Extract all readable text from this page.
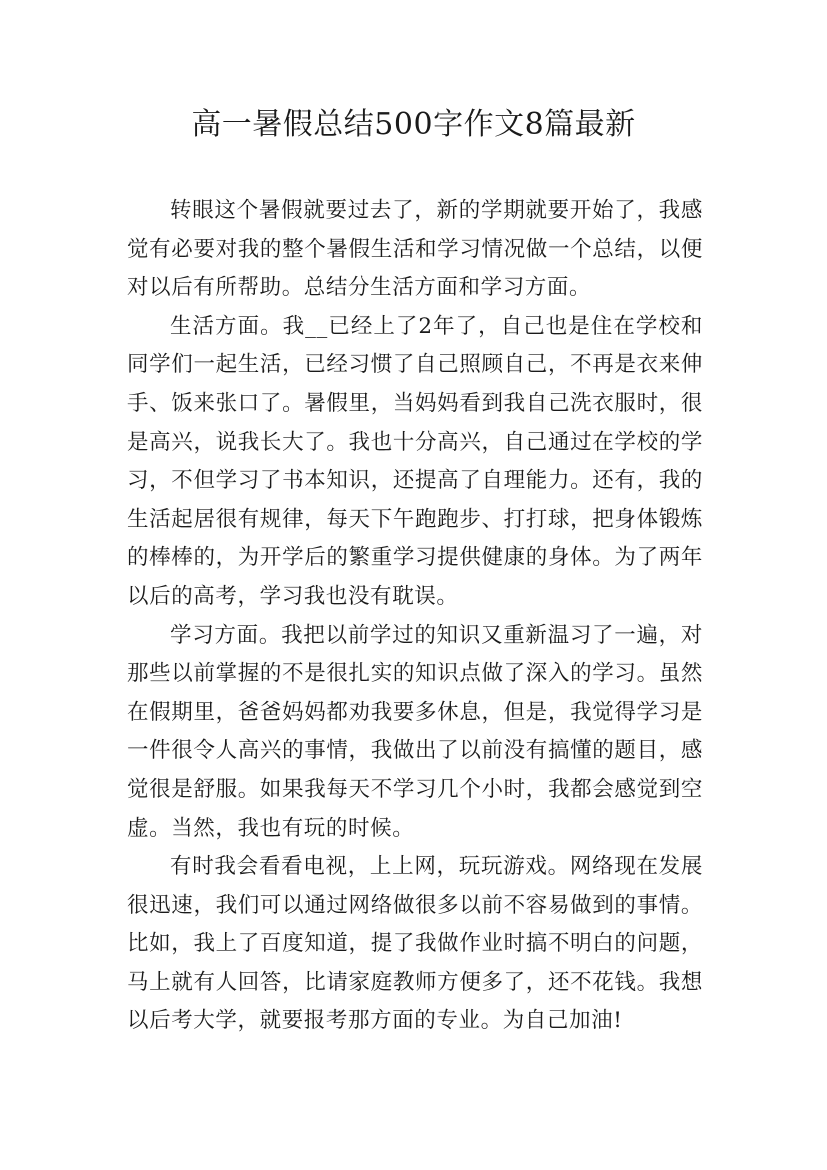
高一暑假总结500字作文8篇最新

转眼这个暑假就要过去了，新的学期就要开始了，我感觉有必要对我的整个暑假生活和学习情况做一个总结，以便对以后有所帮助。总结分生活方面和学习方面。

生活方面。我__已经上了2年了，自己也是住在学校和同学们一起生活，已经习惯了自己照顾自己，不再是衣来伸手、饭来张口了。暑假里，当妈妈看到我自己洗衣服时，很是高兴，说我长大了。我也十分高兴，自己通过在学校的学习，不但学习了书本知识，还提高了自理能力。还有，我的生活起居很有规律，每天下午跑跑步、打打球，把身体锻炼的棒棒的，为开学后的繁重学习提供健康的身体。为了两年以后的高考，学习我也没有耽误。

学习方面。我把以前学过的知识又重新温习了一遍，对那些以前掌握的不是很扎实的知识点做了深入的学习。虽然在假期里，爸爸妈妈都劝我要多休息，但是，我觉得学习是一件很令人高兴的事情，我做出了以前没有搞懂的题目，感觉很是舒服。如果我每天不学习几个小时，我都会感觉到空虚。当然，我也有玩的时候。

有时我会看看电视，上上网，玩玩游戏。网络现在发展很迅速，我们可以通过网络做很多以前不容易做到的事情。比如，我上了百度知道，提了我做作业时搞不明白的问题，马上就有人回答，比请家庭教师方便多了，还不花钱。我想以后考大学，就要报考那方面的专业。为自己加油!
